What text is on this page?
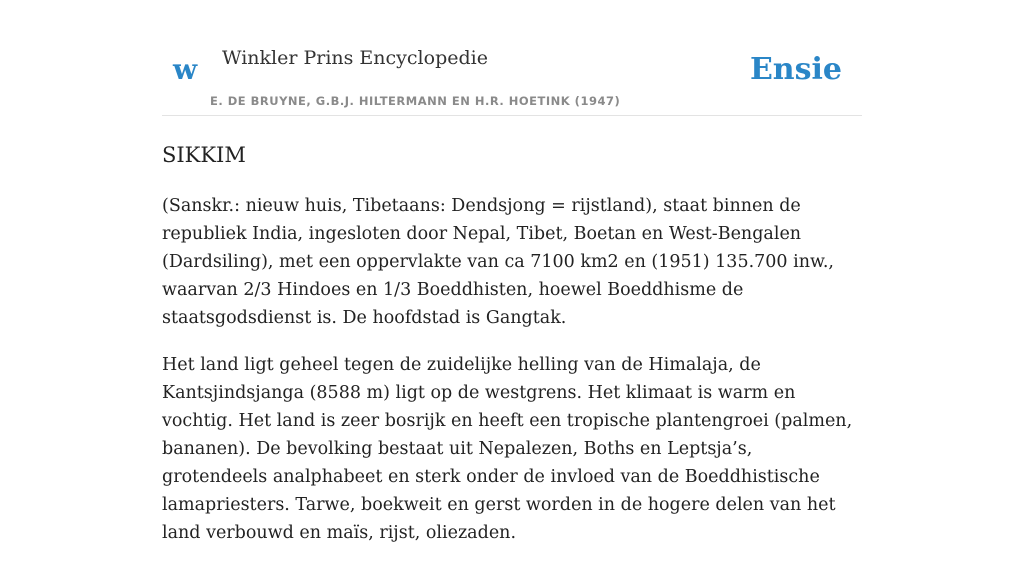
w Winkler Prins Encyclopedie
E. DE BRUYNE, G.B.J. HILTERMANN EN H.R. HOETINK (1947)
Ensie
SIKKIM

(Sanskr.: nieuw huis, Tibetaans: Dendsjong = rijstland), staat binnen de republiek India, ingesloten door Nepal, Tibet, Boetan en West-Bengalen (Dardsiling), met een oppervlakte van ca 7100 km2 en (1951) 135.700 inw., waarvan 2/3 Hindoes en 1/3 Boeddhisten, hoewel Boeddhisme de staatsgodsdienst is. De hoofdstad is Gangtak.

Het land ligt geheel tegen de zuidelijke helling van de Himalaja, de Kantsjindsjanga (8588 m) ligt op de westgrens. Het klimaat is warm en vochtig. Het land is zeer bosrijk en heeft een tropische plantengroei (palmen, bananen). De bevolking bestaat uit Nepalezen, Boths en Leptsja’s, grotendeels analphabeet en sterk onder de invloed van de Boeddhistische lamapriesters. Tarwe, boekweit en gerst worden in de hogere delen van het land verbouwd en maïs, rijst, oliezaden.
